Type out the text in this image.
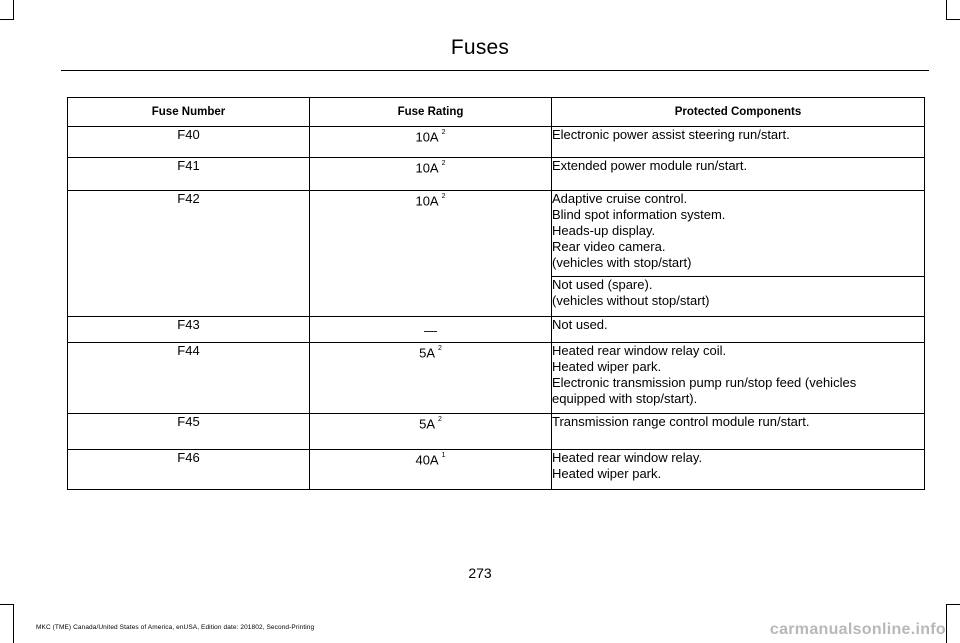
Fuses
Fuse Number	Fuse Rating	Protected Components
F40	10A $^2$	Electronic power assist steering run/start.

F41	10A $^2$	Extended power module run/start.

F42	10A $^2$	Adaptive cruise control.
Blind spot information system.
Heads-up display.
Rear video camera.
(vehicles with stop/start)

		Not used (spare).
(vehicles without stop/start)

F43	—	Not used.

F44	5A $^2$	Heated rear window relay coil.
Heated wiper park.
Electronic transmission pump run/stop feed (vehicles
equipped with stop/start).

F45	5A $^2$	Transmission range control module run/start.

F46	40A $^1$	Heated rear window relay.
Heated wiper park.
273
MKC (TME) Canada/United States of America, enUSA, Edition date: 201802, Second-Printing	carmanualsonline.info
